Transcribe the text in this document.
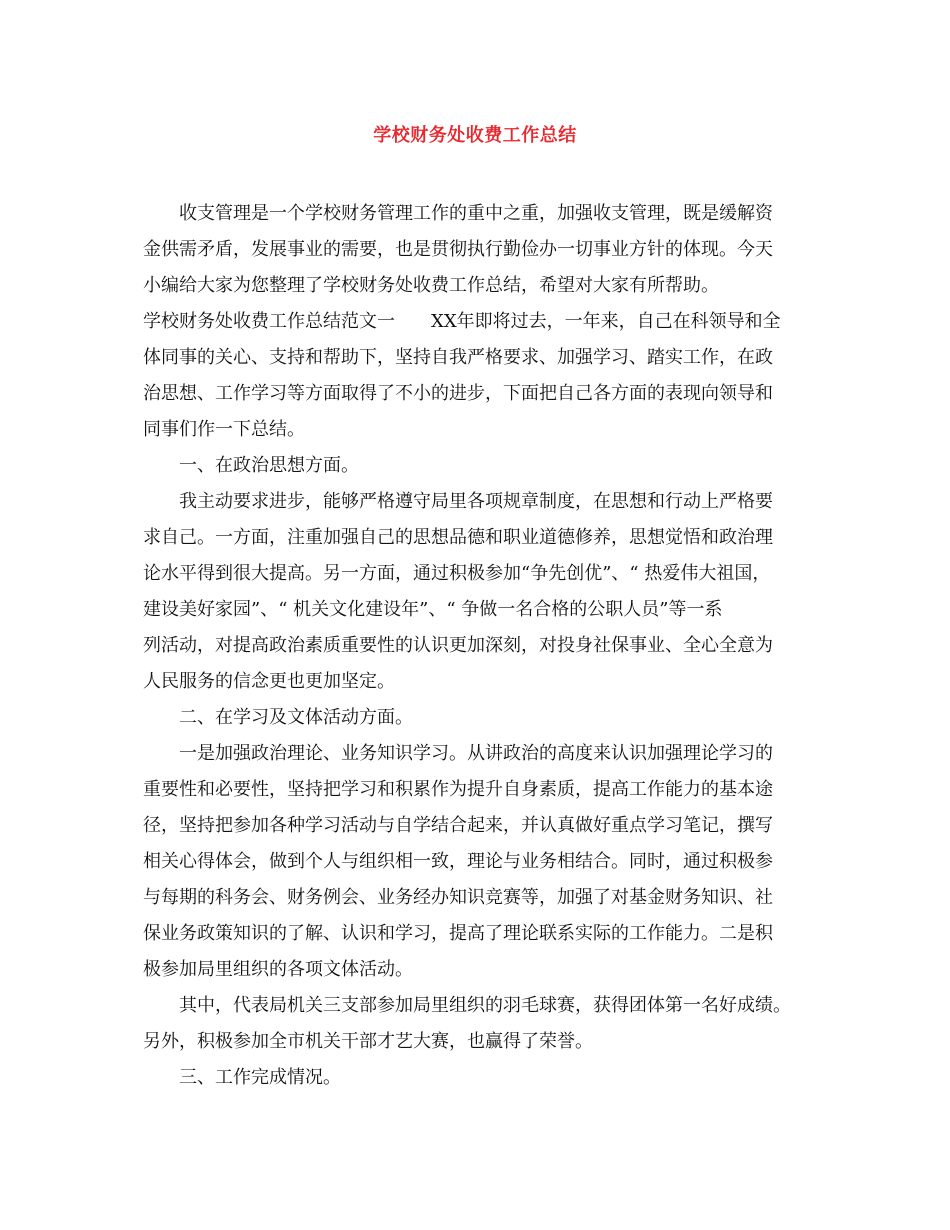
学校财务处收费工作总结
收支管理是一个学校财务管理工作的重中之重，加强收支管理，既是缓解资
金供需矛盾，发展事业的需要，也是贯彻执行勤俭办一切事业方针的体现。今天
小编给大家为您整理了学校财务处收费工作总结，希望对大家有所帮助。
学校财务处收费工作总结范文一　　XX年即将过去，一年来，自己在科领导和全
体同事的关心、支持和帮助下，坚持自我严格要求、加强学习、踏实工作，在政
治思想、工作学习等方面取得了不小的进步，下面把自己各方面的表现向领导和
同事们作一下总结。
一、在政治思想方面。
我主动要求进步，能够严格遵守局里各项规章制度，在思想和行动上严格要
求自己。一方面，注重加强自己的思想品德和职业道德修养，思想觉悟和政治理
论水平得到很大提高。另一方面，通过积极参加“争先创优”、“ 热爱伟大祖国，
建设美好家园”、“ 机关文化建设年”、“ 争做一名合格的公职人员”等一系
列活动，对提高政治素质重要性的认识更加深刻，对投身社保事业、全心全意为
人民服务的信念更也更加坚定。
二、在学习及文体活动方面。
一是加强政治理论、业务知识学习。从讲政治的高度来认识加强理论学习的
重要性和必要性，坚持把学习和积累作为提升自身素质，提高工作能力的基本途
径，坚持把参加各种学习活动与自学结合起来，并认真做好重点学习笔记，撰写
相关心得体会，做到个人与组织相一致，理论与业务相结合。同时，通过积极参
与每期的科务会、财务例会、业务经办知识竞赛等，加强了对基金财务知识、社
保业务政策知识的了解、认识和学习，提高了理论联系实际的工作能力。二是积
极参加局里组织的各项文体活动。
其中，代表局机关三支部参加局里组织的羽毛球赛，获得团体第一名好成绩。
另外，积极参加全市机关干部才艺大赛，也赢得了荣誉。
三、工作完成情况。
